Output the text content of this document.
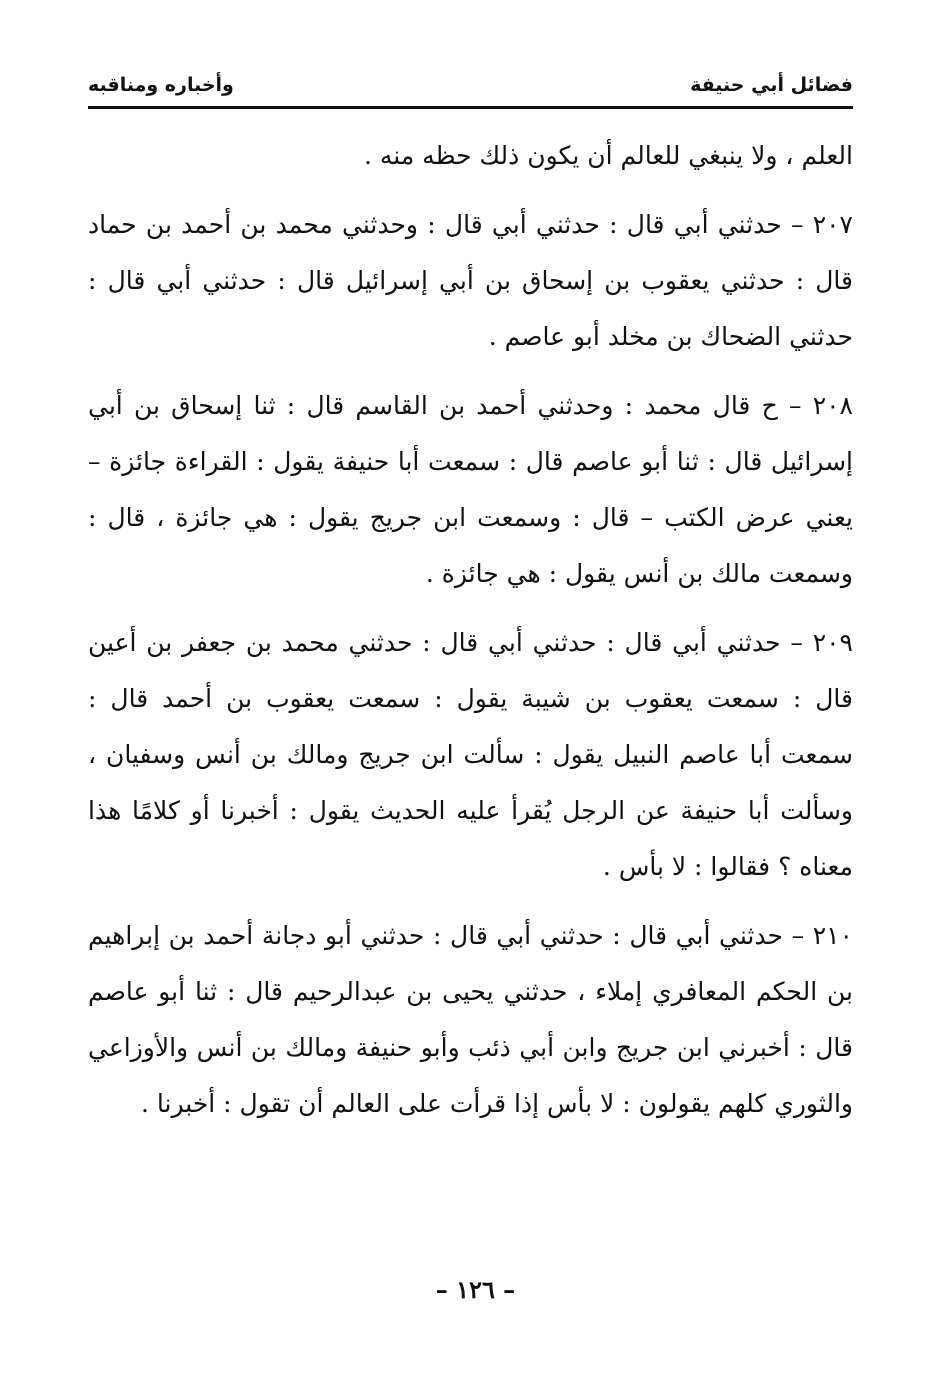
فضائل أبي حنيفة
وأخباره ومناقبه

العلم ، ولا ينبغي للعالم أن يكون ذلك حظه منه .

٢٠٧ – حدثني أبي قال : حدثني أبي قال : وحدثني محمد بن أحمد بن حماد قال : حدثني يعقوب بن إسحاق بن أبي إسرائيل قال : حدثني أبي قال : حدثني الضحاك بن مخلد أبو عاصم .

٢٠٨ – ح قال محمد : وحدثني أحمد بن القاسم قال : ثنا إسحاق بن أبي إسرائيل قال : ثنا أبو عاصم قال : سمعت أبا حنيفة يقول : القراءة جائزة – يعني عرض الكتب – قال : وسمعت ابن جريج يقول : هي جائزة ، قال : وسمعت مالك بن أنس يقول : هي جائزة .

٢٠٩ – حدثني أبي قال : حدثني أبي قال : حدثني محمد بن جعفر بن أعين قال : سمعت يعقوب بن شيبة يقول : سمعت يعقوب بن أحمد قال : سمعت أبا عاصم النبيل يقول : سألت ابن جريج ومالك بن أنس وسفيان ، وسألت أبا حنيفة عن الرجل يُقرأ عليه الحديث يقول : أخبرنا أو كلامًا هذا معناه ؟ فقالوا : لا بأس .

٢١٠ – حدثني أبي قال : حدثني أبي قال : حدثني أبو دجانة أحمد بن إبراهيم بن الحكم المعافري إملاء ، حدثني يحيى بن عبدالرحيم قال : ثنا أبو عاصم قال : أخبرني ابن جريج وابن أبي ذئب وأبو حنيفة ومالك بن أنس والأوزاعي والثوري كلهم يقولون : لا بأس إذا قرأت على العالم أن تقول : أخبرنا .

– ١٢٦ –
